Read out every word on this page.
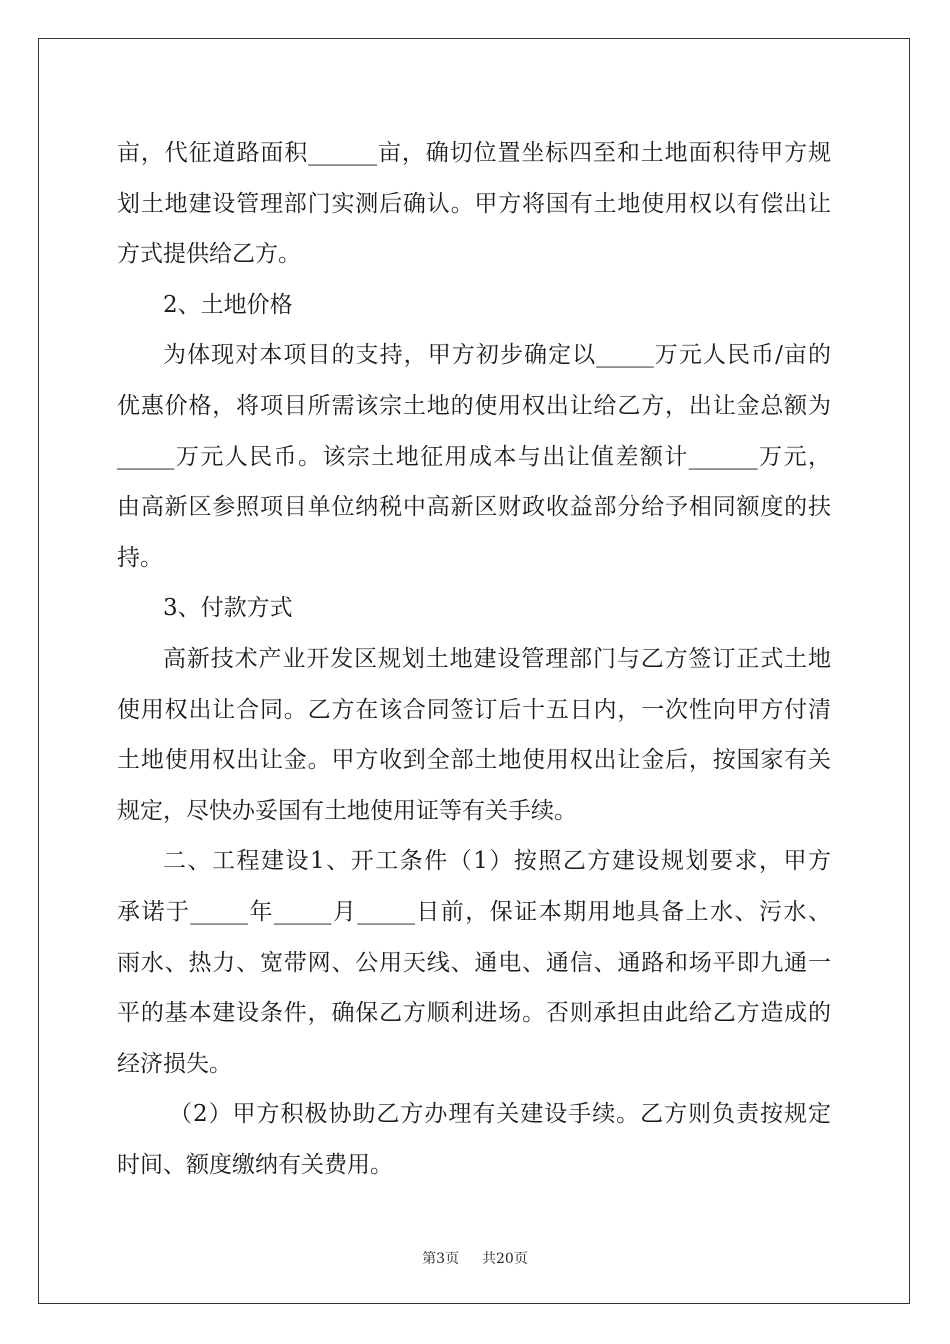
亩，代征道路面积______亩，确切位置坐标四至和土地面积待甲方规
划土地建设管理部门实测后确认。甲方将国有土地使用权以有偿出让
方式提供给乙方。
2、土地价格
为体现对本项目的支持，甲方初步确定以_____万元人民币/亩的
优惠价格，将项目所需该宗土地的使用权出让给乙方，出让金总额为
_____万元人民币。该宗土地征用成本与出让值差额计______万元，
由高新区参照项目单位纳税中高新区财政收益部分给予相同额度的扶
持。
3、付款方式
高新技术产业开发区规划土地建设管理部门与乙方签订正式土地
使用权出让合同。乙方在该合同签订后十五日内，一次性向甲方付清
土地使用权出让金。甲方收到全部土地使用权出让金后，按国家有关
规定，尽快办妥国有土地使用证等有关手续。
二、工程建设1、开工条件（1）按照乙方建设规划要求，甲方
承诺于_____年_____月_____日前，保证本期用地具备上水、污水、
雨水、热力、宽带网、公用天线、通电、通信、通路和场平即九通一
平的基本建设条件，确保乙方顺利进场。否则承担由此给乙方造成的
经济损失。
（2）甲方积极协助乙方办理有关建设手续。乙方则负责按规定
时间、额度缴纳有关费用。
第3页 共20页
